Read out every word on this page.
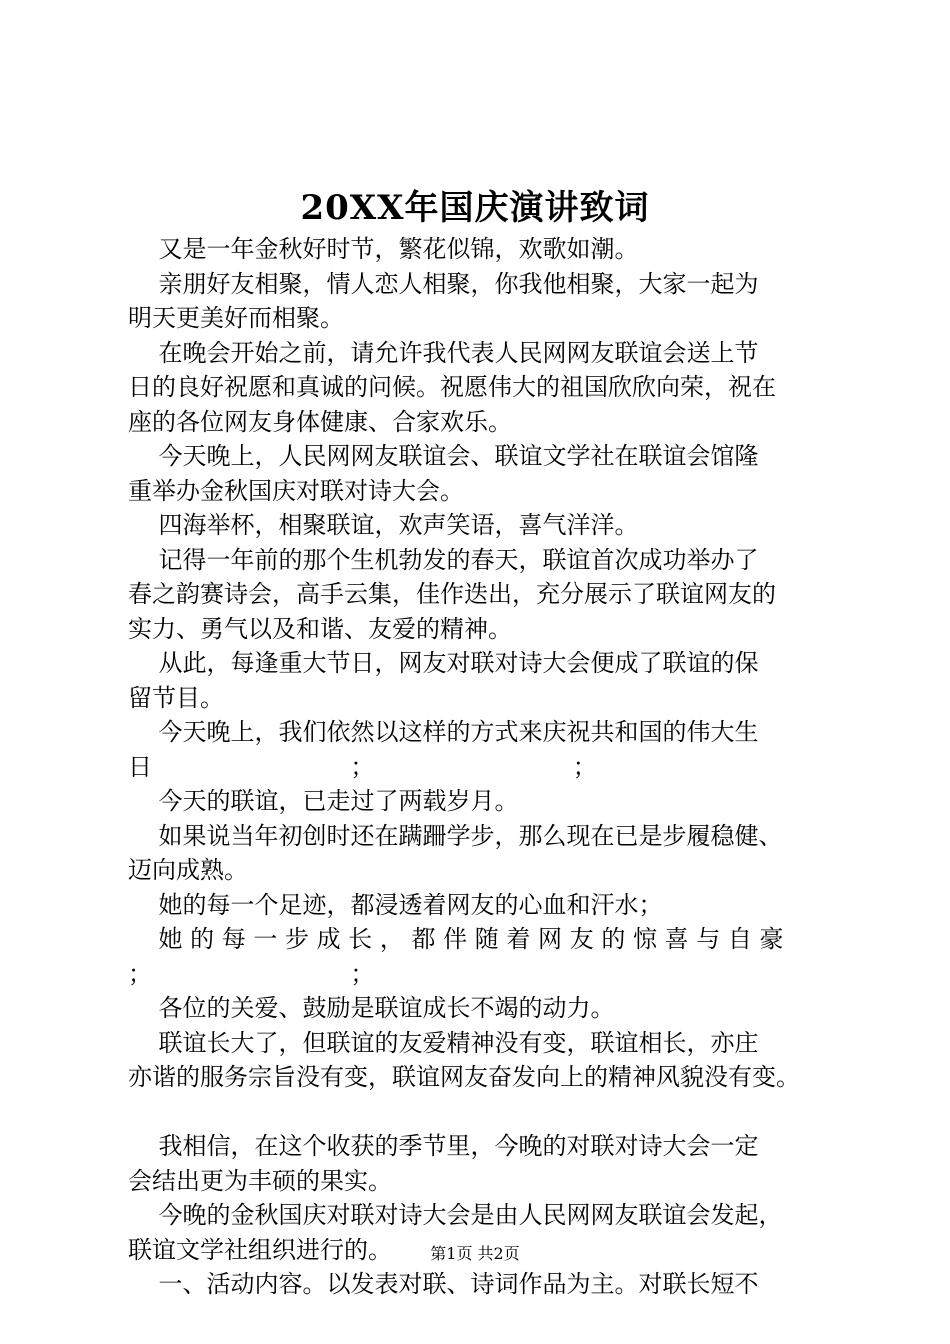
20XX年国庆演讲致词
又是一年金秋好时节，繁花似锦，欢歌如潮。
亲朋好友相聚，情人恋人相聚，你我他相聚，大家一起为
明天更美好而相聚。
在晚会开始之前，请允许我代表人民网网友联谊会送上节
日的良好祝愿和真诚的问候。祝愿伟大的祖国欣欣向荣，祝在
座的各位网友身体健康、合家欢乐。
今天晚上，人民网网友联谊会、联谊文学社在联谊会馆隆
重举办金秋国庆对联对诗大会。
四海举杯，相聚联谊，欢声笑语，喜气洋洋。
记得一年前的那个生机勃发的春天，联谊首次成功举办了
春之韵赛诗会，高手云集，佳作迭出，充分展示了联谊网友的
实力、勇气以及和谐、友爱的精神。
从此，每逢重大节日，网友对联对诗大会便成了联谊的保
留节目。
今天晚上，我们依然以这样的方式来庆祝共和国的伟大生
日                          ；                          ；
今天的联谊，已走过了两载岁月。
如果说当年初创时还在蹒跚学步，那么现在已是步履稳健、
迈向成熟。
她的每一个足迹，都浸透着网友的心血和汗水；
她 的 每 一 步 成 长 ， 都 伴 随 着 网 友 的 惊 喜 与 自 豪
；                          ；
各位的关爱、鼓励是联谊成长不竭的动力。
联谊长大了，但联谊的友爱精神没有变，联谊相长，亦庄
亦谐的服务宗旨没有变，联谊网友奋发向上的精神风貌没有变。
我相信，在这个收获的季节里，今晚的对联对诗大会一定
会结出更为丰硕的果实。
今晚的金秋国庆对联对诗大会是由人民网网友联谊会发起，
联谊文学社组织进行的。
一、活动内容。以发表对联、诗词作品为主。对联长短不
第1页 共2页
